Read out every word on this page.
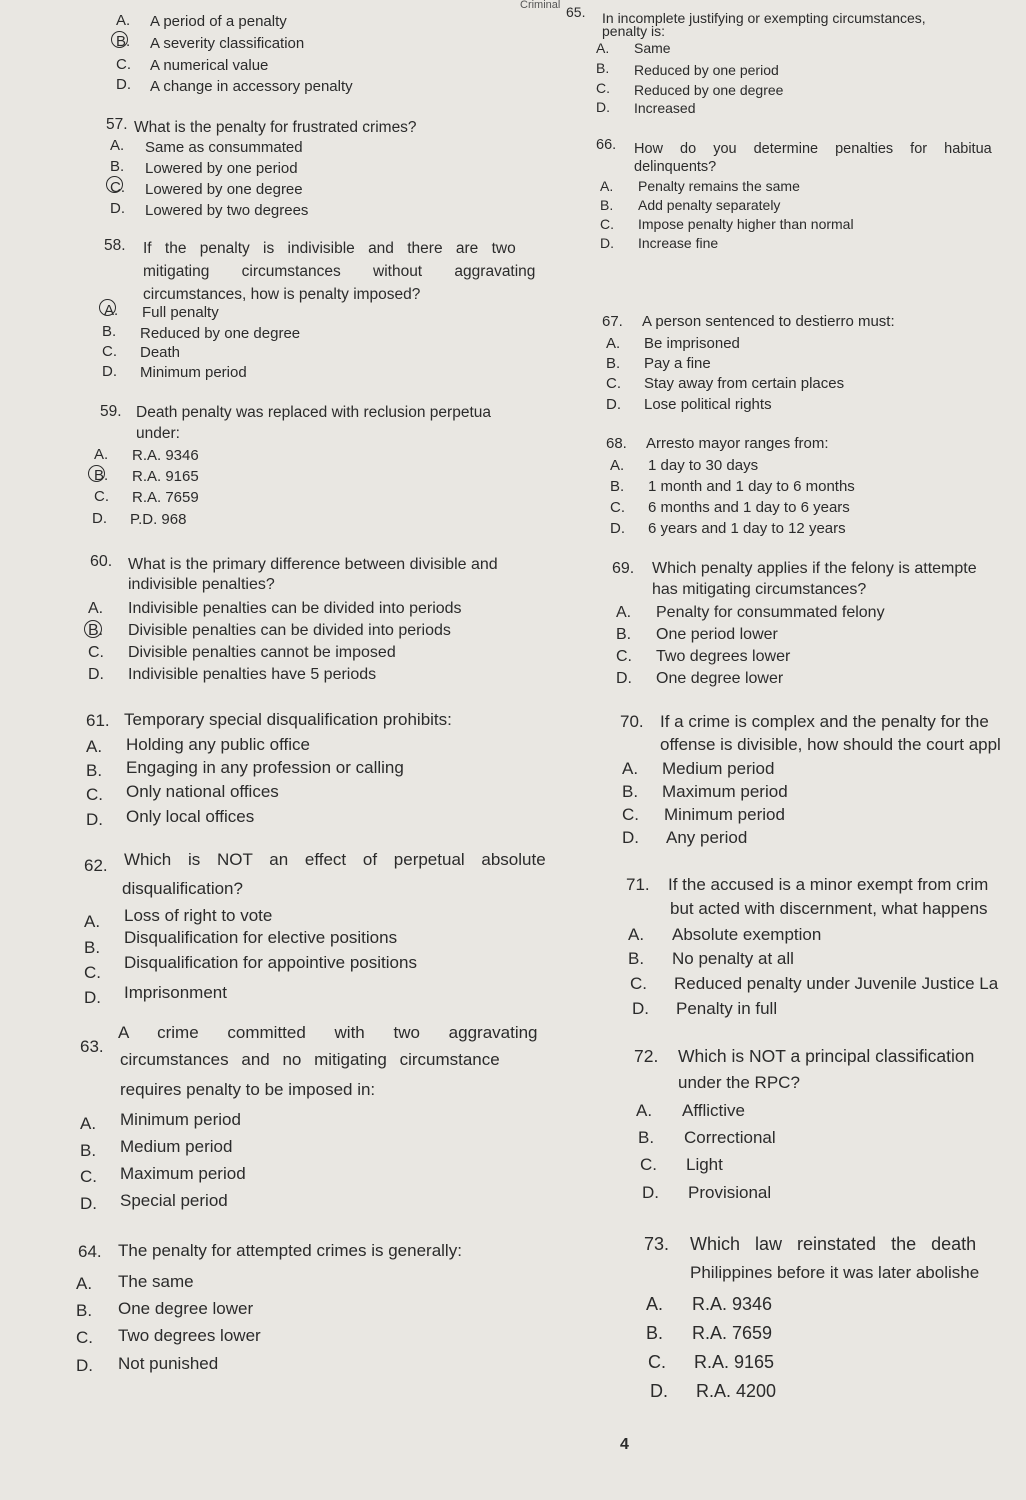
Criminal
A. A period of a penalty
B. A severity classification
C. A numerical value
D. A change in accessory penalty
57. What is the penalty for frustrated crimes?
A. Same as consummated
B. Lowered by one period
C. Lowered by one degree
D. Lowered by two degrees
58. If the penalty is indivisible and there are two
mitigating circumstances without aggravating
circumstances, how is penalty imposed?
A. Full penalty
B. Reduced by one degree
C. Death
D. Minimum period
59. Death penalty was replaced with reclusion perpetua
under:
A. R.A. 9346
B. R.A. 9165
C. R.A. 7659
D. P.D. 968
60. What is the primary difference between divisible and
indivisible penalties?
A. Indivisible penalties can be divided into periods
B. Divisible penalties can be divided into periods
C. Divisible penalties cannot be imposed
D. Indivisible penalties have 5 periods
61. Temporary special disqualification prohibits:
A. Holding any public office
B. Engaging in any profession or calling
C. Only national offices
D. Only local offices
62. Which is NOT an effect of perpetual absolute
disqualification?
A. Loss of right to vote
B.
Disqualification for elective positions
C.
Disqualification for appointive positions
D. Imprisonment
63.
A crime committed with two aggravating
circumstances and no mitigating circumstance
requires penalty to be imposed in:
A. Minimum period
B. Medium period
C. Maximum period
D. Special period
64. The penalty for attempted crimes is generally:
A. The same
B. One degree lower
C. Two degrees lower
D. Not punished
65. In incomplete justifying or exempting circumstances,
penalty is:
A. Same
B. Reduced by one period
C. Reduced by one degree
D. Increased
66. How do you determine penalties for habitua
delinquents?
A. Penalty remains the same
B. Add penalty separately
C. Impose penalty higher than normal
D. Increase fine
67. A person sentenced to destierro must:
A. Be imprisoned
B. Pay a fine
C. Stay away from certain places
D. Lose political rights
68. Arresto mayor ranges from:
A. 1 day to 30 days
B. 1 month and 1 day to 6 months
C. 6 months and 1 day to 6 years
D. 6 years and 1 day to 12 years
69. Which penalty applies if the felony is attempte
has mitigating circumstances?
A. Penalty for consummated felony
B. One period lower
C. Two degrees lower
D. One degree lower
70. If a crime is complex and the penalty for the
offense is divisible, how should the court appl
A. Medium period
B. Maximum period
C. Minimum period
D. Any period
71. If the accused is a minor exempt from crim
but acted with discernment, what happens
A. Absolute exemption
B. No penalty at all
C. Reduced penalty under Juvenile Justice La
D. Penalty in full
72. Which is NOT a principal classification
under the RPC?
A. Afflictive
B. Correctional
C. Light
D. Provisional
73. Which law reinstated the death
Philippines before it was later abolishe
A. R.A. 9346
B. R.A. 7659
C. R.A. 9165
D. R.A. 4200
4
